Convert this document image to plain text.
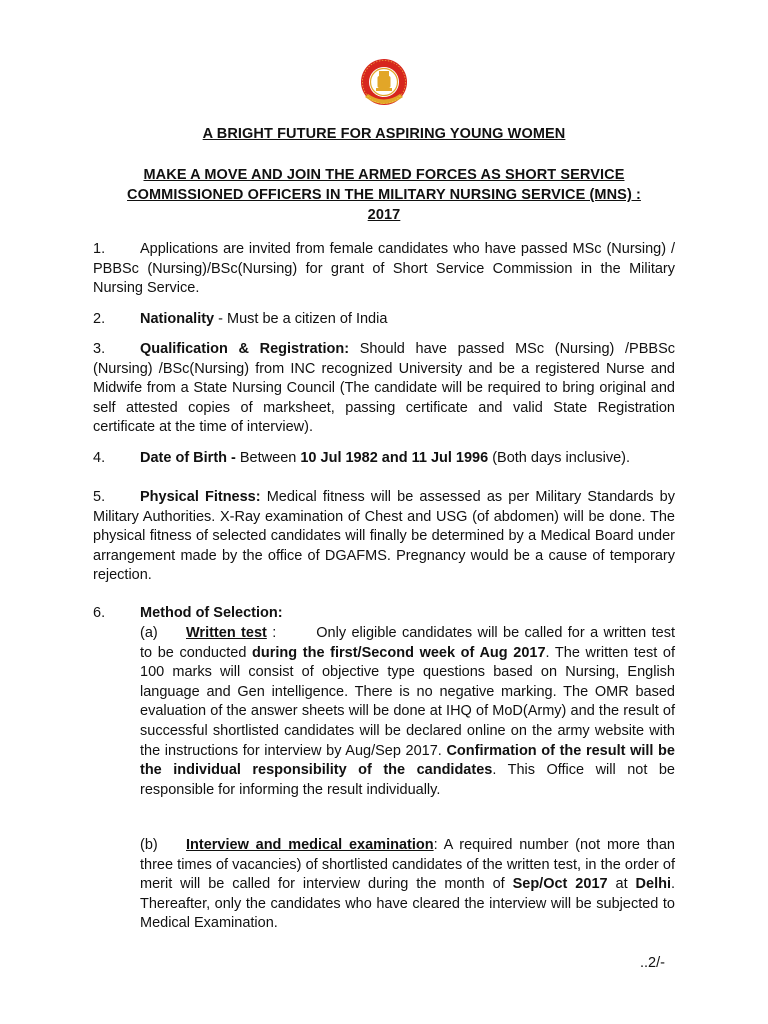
A BRIGHT FUTURE FOR ASPIRING YOUNG WOMEN
MAKE A MOVE AND JOIN THE ARMED FORCES AS SHORT SERVICE
COMMISSIONED OFFICERS IN THE MILITARY NURSING SERVICE (MNS) :
2017
1. Applications are invited from female candidates who have passed MSc (Nursing) / PBBSc (Nursing)/BSc(Nursing) for grant of Short Service Commission in the Military Nursing Service.
2. Nationality - Must be a citizen of India
3. Qualification & Registration: Should have passed MSc (Nursing) /PBBSc (Nursing) /BSc(Nursing) from INC recognized University and be a registered Nurse and Midwife from a State Nursing Council (The candidate will be required to bring original and self attested copies of marksheet, passing certificate and valid State Registration certificate at the time of interview).
4. Date of Birth - Between 10 Jul 1982 and 11 Jul 1996 (Both days inclusive).
5. Physical Fitness: Medical fitness will be assessed as per Military Standards by Military Authorities. X-Ray examination of Chest and USG (of abdomen) will be done. The physical fitness of selected candidates will finally be determined by a Medical Board under arrangement made by the office of DGAFMS. Pregnancy would be a cause of temporary rejection.
6. Method of Selection:
(a) Written test :	Only eligible candidates will be called for a written test to be conducted during the first/Second week of Aug 2017. The written test of 100 marks will consist of objective type questions based on Nursing, English language and Gen intelligence. There is no negative marking. The OMR based evaluation of the answer sheets will be done at IHQ of MoD(Army) and the result of successful shortlisted candidates will be declared online on the army website with the instructions for interview by Aug/Sep 2017. Confirmation of the result will be the individual responsibility of the candidates. This Office will not be responsible for informing the result individually.
(b) Interview and medical examination: A required number (not more than three times of vacancies) of shortlisted candidates of the written test, in the order of merit will be called for interview during the month of Sep/Oct 2017 at Delhi. Thereafter, only the candidates who have cleared the interview will be subjected to Medical Examination.
..2/-
